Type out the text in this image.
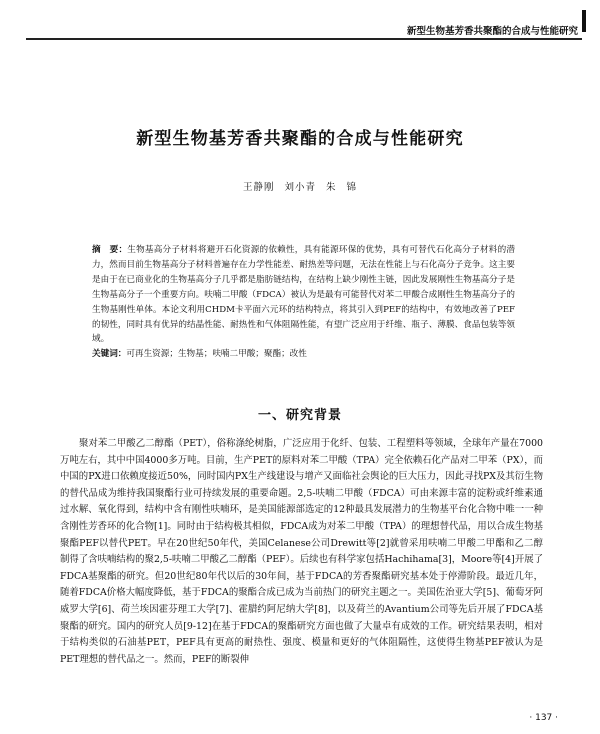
新型生物基芳香共聚酯的合成与性能研究
新型生物基芳香共聚酯的合成与性能研究
王静刚 刘小青 朱 锦

摘　要：生物基高分子材料将避开石化资源的依赖性，具有能源环保的优势，具有可替代石化高分子材料的潜力，然而目前生物基高分子材料普遍存在力学性能差、耐热差等问题，无法在性能上与石化高分子竞争。这主要是由于在已商业化的生物基高分子几乎都是脂肪链结构，在结构上缺少刚性主链，因此发展刚性生物基高分子是生物基高分子一个重要方向。呋喃二甲酸（FDCA）被认为是最有可能替代对苯二甲酸合成刚性生物基高分子的生物基刚性单体。本论文利用CHDM卡平面六元环的结构特点，将其引入到PEF的结构中，有效地改善了PEF的韧性，同时具有优异的结晶性能、耐热性和气体阻隔性能，有望广泛应用于纤维、瓶子、薄膜、食品包装等领域。

关键词：可再生资源；生物基；呋喃二甲酸；聚酯；改性

一、研究背景

聚对苯二甲酸乙二醇酯（PET），俗称涤纶树脂，广泛应用于化纤、包装、工程塑料等领域，全球年产量在7000万吨左右，其中中国4000多万吨。目前，生产PET的原料对苯二甲酸（TPA）完全依赖石化产品对二甲苯（PX），而中国的PX进口依赖度接近50%，同时国内PX生产线建设与增产又面临社会舆论的巨大压力，因此寻找PX及其衍生物的替代品成为维持我国聚酯行业可持续发展的重要命题。2,5-呋喃二甲酸（FDCA）可由来源丰富的淀粉或纤维素通过水解、氧化得到，结构中含有刚性呋喃环，是美国能源部选定的12种最具发展潜力的生物基平台化合物中唯一一种含刚性芳香环的化合物[1]。同时由于结构极其相似，FDCA成为对苯二甲酸（TPA）的理想替代品，用以合成生物基聚酯PEF以替代PET。早在20世纪50年代，美国Celanese公司Drewitt等[2]就曾采用呋喃二甲酸二甲酯和乙二醇制得了含呋喃结构的聚2,5-呋喃二甲酸乙二醇酯（PEF）。后续也有科学家包括Hachihama[3]，Moore等[4]开展了FDCA基聚酯的研究。但20世纪80年代以后的30年间，基于FDCA的芳香聚酯研究基本处于停滞阶段。最近几年，随着FDCA价格大幅度降低，基于FDCA的聚酯合成已成为当前热门的研究主题之一。美国佐治亚大学[5]、葡萄牙阿威罗大学[6]、荷兰埃因霍芬理工大学[7]、霍腊约阿尼纳大学[8]，以及荷兰的Avantium公司等先后开展了FDCA基聚酯的研究。国内的研究人员[9-12]在基于FDCA的聚酯研究方面也做了大量卓有成效的工作。研究结果表明，相对于结构类似的石油基PET，PEF具有更高的耐热性、强度、模量和更好的气体阻隔性，这使得生物基PEF被认为是PET理想的替代品之一。然而，PEF的断裂伸

· 137 ·
